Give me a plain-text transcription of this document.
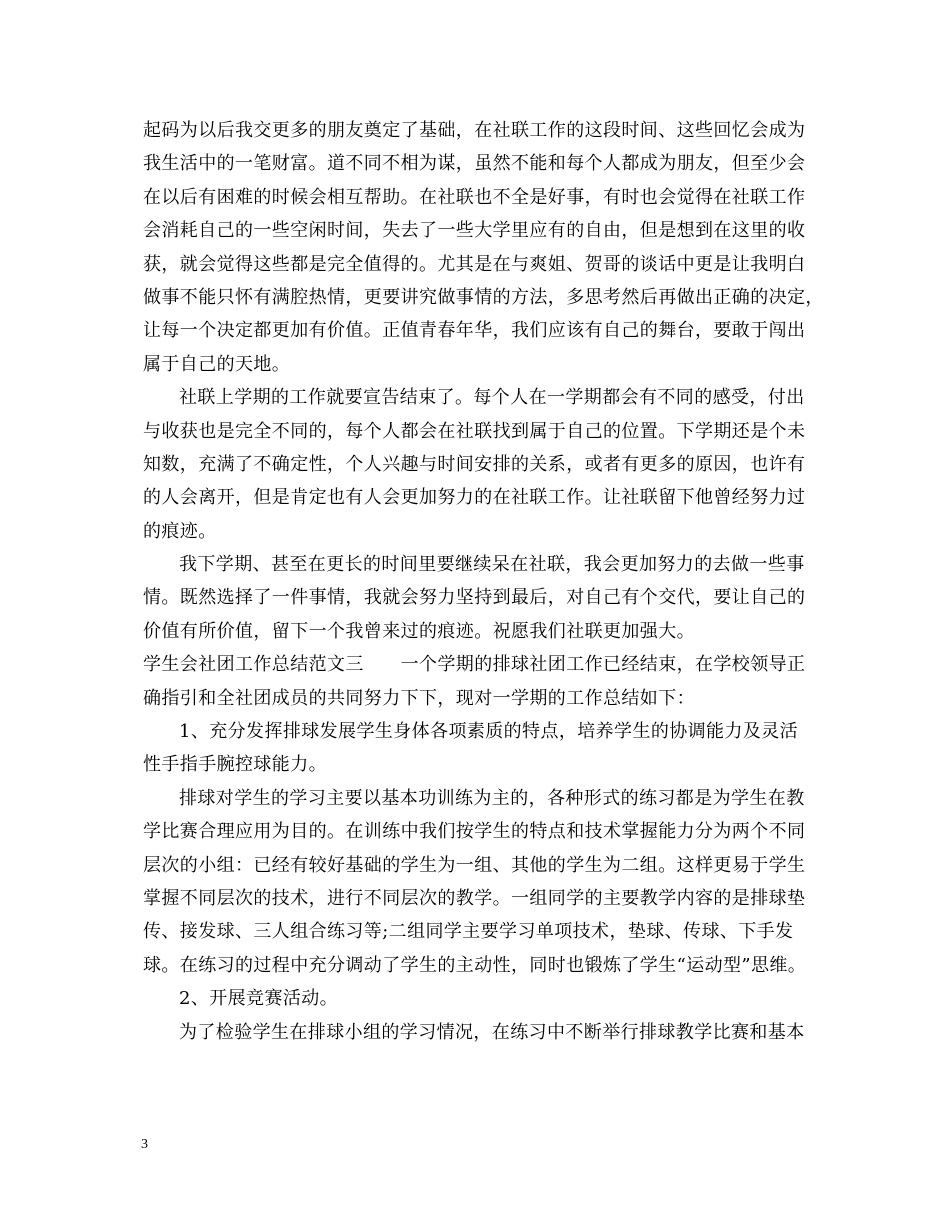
起码为以后我交更多的朋友奠定了基础，在社联工作的这段时间、这些回忆会成为
我生活中的一笔财富。道不同不相为谋，虽然不能和每个人都成为朋友，但至少会
在以后有困难的时候会相互帮助。在社联也不全是好事，有时也会觉得在社联工作
会消耗自己的一些空闲时间，失去了一些大学里应有的自由，但是想到在这里的收
获，就会觉得这些都是完全值得的。尤其是在与爽姐、贺哥的谈话中更是让我明白
做事不能只怀有满腔热情，更要讲究做事情的方法，多思考然后再做出正确的决定，
让每一个决定都更加有价值。正值青春年华，我们应该有自己的舞台，要敢于闯出
属于自己的天地。
社联上学期的工作就要宣告结束了。每个人在一学期都会有不同的感受，付出
与收获也是完全不同的，每个人都会在社联找到属于自己的位置。下学期还是个未
知数，充满了不确定性，个人兴趣与时间安排的关系，或者有更多的原因，也许有
的人会离开，但是肯定也有人会更加努力的在社联工作。让社联留下他曾经努力过
的痕迹。
我下学期、甚至在更长的时间里要继续呆在社联，我会更加努力的去做一些事
情。既然选择了一件事情，我就会努力坚持到最后，对自己有个交代，要让自己的
价值有所价值，留下一个我曾来过的痕迹。祝愿我们社联更加强大。
学生会社团工作总结范文三　　一个学期的排球社团工作已经结束，在学校领导正
确指引和全社团成员的共同努力下下，现对一学期的工作总结如下：
1、充分发挥排球发展学生身体各项素质的特点，培养学生的协调能力及灵活
性手指手腕控球能力。
排球对学生的学习主要以基本功训练为主的，各种形式的练习都是为学生在教
学比赛合理应用为目的。在训练中我们按学生的特点和技术掌握能力分为两个不同
层次的小组：已经有较好基础的学生为一组、其他的学生为二组。这样更易于学生
掌握不同层次的技术，进行不同层次的教学。一组同学的主要教学内容的是排球垫
传、接发球、三人组合练习等;二组同学主要学习单项技术，垫球、传球、下手发
球。在练习的过程中充分调动了学生的主动性，同时也锻炼了学生“运动型”思维。
2、开展竞赛活动。
为了检验学生在排球小组的学习情况，在练习中不断举行排球教学比赛和基本
3
